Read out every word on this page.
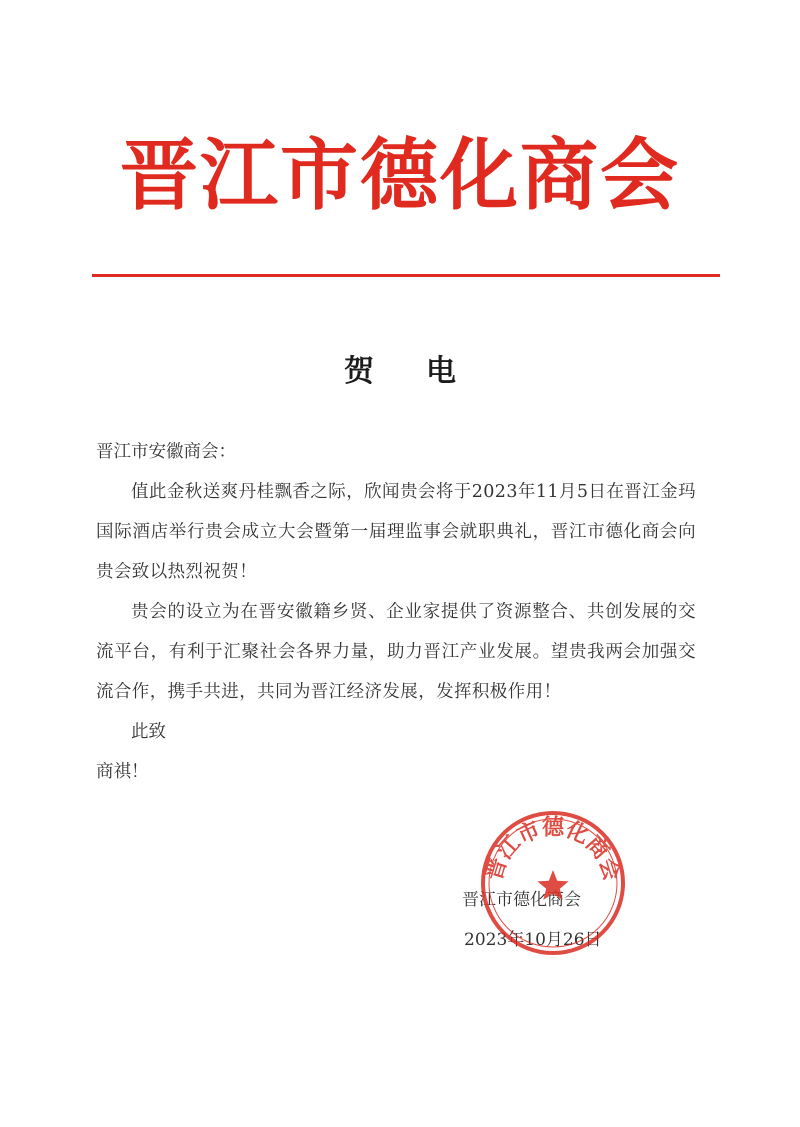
晋江市德化商会
贺电

晋江市安徽商会：

值此金秋送爽丹桂飘香之际，欣闻贵会将于2023年11月5日在晋江金玛国际酒店举行贵会成立大会暨第一届理监事会就职典礼，晋江市德化商会向贵会致以热烈祝贺！

贵会的设立为在晋安徽籍乡贤、企业家提供了资源整合、共创发展的交流平台，有利于汇聚社会各界力量，助力晋江产业发展。望贵我两会加强交流合作，携手共进，共同为晋江经济发展，发挥积极作用！

此致

商祺！

晋江市德化商会
2023年10月26日
晋江市德化商会
